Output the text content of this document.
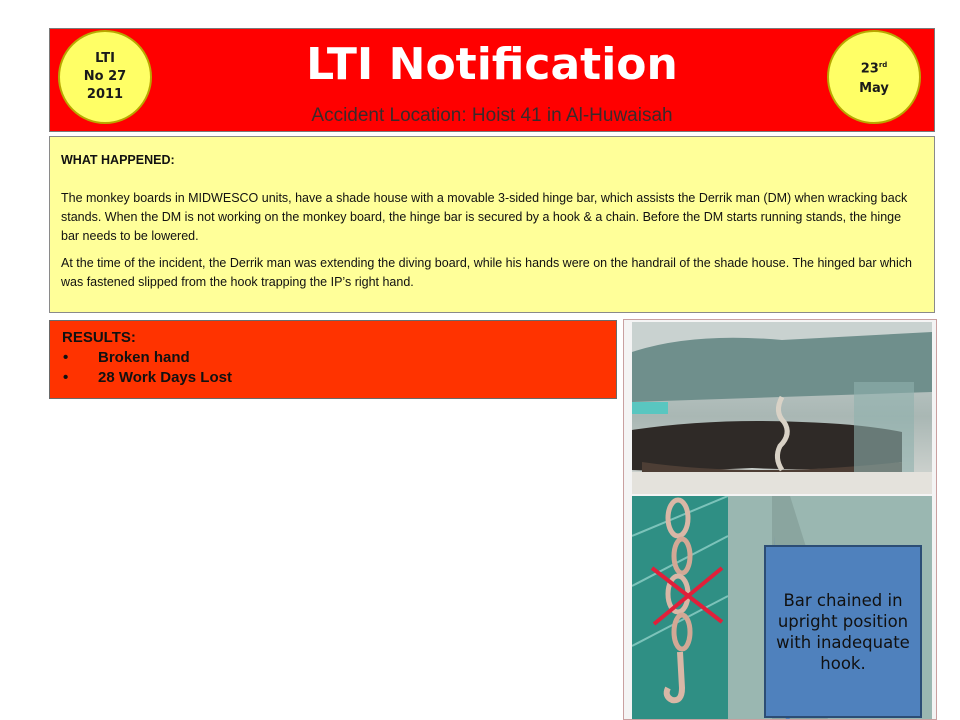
LTI Notification
Accident Location: Hoist 41 in Al-Huwaisah
LTI
No 27
2011
23rd
May
WHAT HAPPENED:

The monkey boards in MIDWESCO units, have a shade house with a movable 3-sided hinge bar, which assists the Derrik man (DM) when wracking back stands. When the DM is not working on the monkey board, the hinge bar is secured by a hook & a chain. Before the DM starts running stands, the hinge bar needs to be lowered.

At the time of the incident, the Derrik man was extending the diving board, while his hands were on the handrail of the shade house. The hinged bar which was fastened slipped from the hook trapping the IP’s right hand.

RESULTS:
•	Broken hand
•	28 Work Days Lost
Bar chained in upright position with inadequate hook.
